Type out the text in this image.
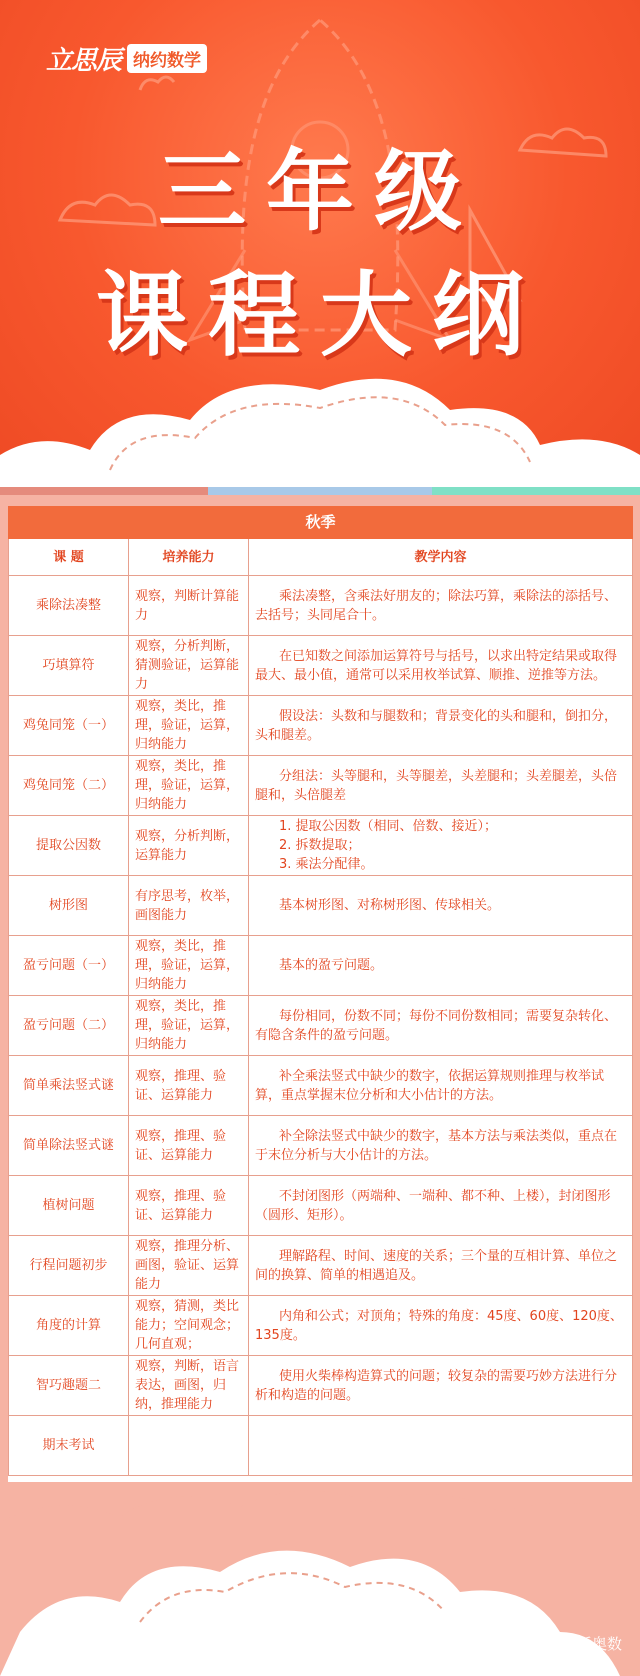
立思辰 纳约数学
三年级
课程大纲
秋季		
课 题	培养能力	教学内容
乘除法凑整	观察，判断计算能力	乘法凑整，含乘法好朋友的；除法巧算，乘除法的添括号、去括号；头同尾合十。
巧填算符	观察，分析判断，猜测验证，运算能力	在已知数之间添加运算符号与括号，以求出特定结果或取得最大、最小值，通常可以采用枚举试算、顺推、逆推等方法。
鸡兔同笼（一）	观察，类比，推理，验证，运算，归纳能力	假设法：头数和与腿数和；背景变化的头和腿和，倒扣分，头和腿差。
鸡兔同笼（二）	观察，类比，推理，验证，运算，归纳能力	分组法：头等腿和，头等腿差，头差腿和；头差腿差，头倍腿和，头倍腿差
提取公因数	观察，分析判断，运算能力	1. 提取公因数（相同、倍数、接近）；
2. 拆数提取；
3. 乘法分配律。

树形图	有序思考，枚举，画图能力	基本树形图、对称树形图、传球相关。
盈亏问题（一）	观察，类比，推理，验证，运算，归纳能力	基本的盈亏问题。
盈亏问题（二）	观察，类比，推理，验证，运算，归纳能力	每份相同，份数不同；每份不同份数相同；需要复杂转化、有隐含条件的盈亏问题。
简单乘法竖式谜	观察，推理、验证、运算能力	补全乘法竖式中缺少的数字，依据运算规则推理与枚举试算，重点掌握末位分析和大小估计的方法。
简单除法竖式谜	观察，推理、验证、运算能力	补全除法竖式中缺少的数字，基本方法与乘法类似，重点在于末位分析与大小估计的方法。
植树问题	观察，推理、验证、运算能力	不封闭图形（两端种、一端种、都不种、上楼），封闭图形（圆形、矩形）。
行程问题初步	观察，推理分析、画图，验证、运算能力	理解路程、时间、速度的关系；三个量的互相计算、单位之间的换算、简单的相遇追及。
角度的计算	观察，猜测，类比能力；空间观念；几何直观；	内角和公式；对顶角；特殊的角度：45度、60度、120度、135度。
智巧趣题二	观察，判断，语言表达，画图，归纳，推理能力	使用火柴棒构造算式的问题；较复杂的需要巧妙方法进行分析和构造的问题。
期末考试		
● 小娟话奥数
